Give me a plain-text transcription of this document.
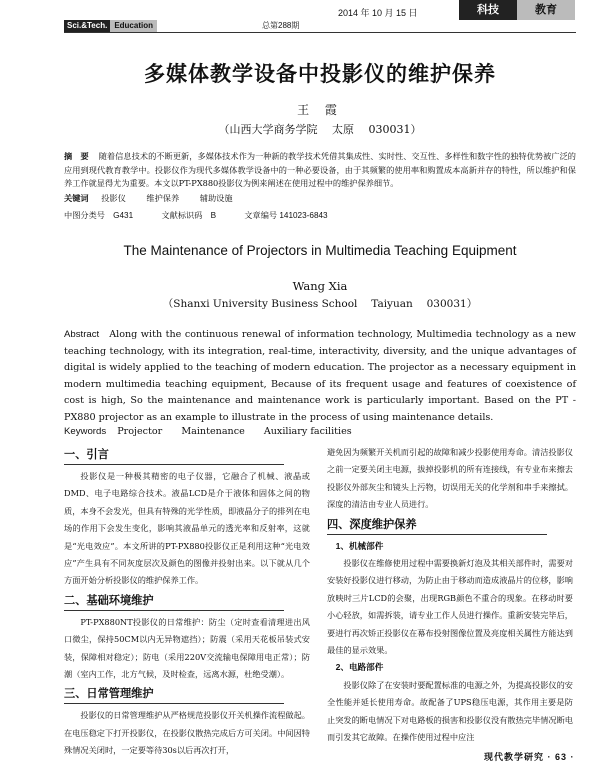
2014 年 10 月 15 日	科技	教育
Sci.&Tech. Education	总第288期
多媒体教学设备中投影仪的维护保养
王 霞
（山西大学商务学院　 太原　 030031）
摘　要 随着信息技术的不断更新，多媒体技术作为一种新的教学技术凭借其集成性、实时性、交互性、多样性和数字性的独特优势被广泛的应用到现代教育教学中。投影仪作为现代多媒体教学设备中的一种必要设备，由于其频繁的使用率和购置成本高新并存的特性，所以维护和保养工作就显得尤为重要。本文以PT-PX880投影仪为例来阐述在使用过程中的维护保养细节。
关键词 投影仪	维护保养	辅助设施
中图分类号　G431	文献标识码　B	文章编号 141023-6843
The Maintenance of Projectors in Multimedia Teaching Equipment
Wang Xia
（Shanxi University Business School　 Taiyuan　 030031）
Abstract Along with the continuous renewal of information technology, Multimedia technology as a new teaching technology, with its integration, real-time, interactivity, diversity, and the unique advantages of digital is widely applied to the teaching of modern education. The projector as a necessary equipment in modern multimedia teaching equipment, Because of its frequent usage and features of coexistence of cost is high, So the maintenance and maintenance work is particularly important. Based on the PT -PX880 projector as an example to illustrate in the process of using maintenance details.
Keywords Projector Maintenance Auxiliary facilities
一、引言

投影仪是一种极其精密的电子仪器，它融合了机械、液晶或DMD、电子电路综合技术。液晶LCD是介于液体和固体之间的物质，本身不会发光，但具有特殊的光学性质，即液晶分子的排列在电场的作用下会发生变化，影响其液晶单元的透光率和反射率，这就是“光电效应”。本文所讲的PT-PX880投影仪正是利用这种“光电效应”产生具有不同灰度层次及颜色的图像并投射出来。以下就从几个方面开始分析投影仪的维护保养工作。

二、基础环境维护

PT-PX880NT投影仪的日常维护：防尘（定时查看清理进出风口微尘，保持50CM以内无异物遮挡）；防震（采用天花板吊装式安装，保障相对稳定）；防电（采用220V交流输电保障用电正常）；防潮（室内工作，北方气候，及时检查，远离水源，杜绝受潮）。

三、日常管理维护

投影仪的日常管理维护从严格规范投影仪开关机操作流程做起。在电压稳定下打开投影仪，在投影仪散热完成后方可关闭。中间因特殊情况关闭时，一定要等待30s以后再次打开，

避免因为频繁开关机而引起的故障和减少投影使用寿命。清洁投影仪之前一定要关闭主电源，拔掉投影机的所有连接线，有专业布来擦去投影仪外部灰尘和镜头上污物，切误用无关的化学剂和串手来擦拭。深度的清洁由专业人员进行。

四、深度维护保养
1、机械部件

投影仪在维修使用过程中需要换新灯泡及其相关部件时，需要对安装好投影仪进行移动，为防止由于移动而造成液晶片的位移，影响放映时三片LCD的会聚，出现RGB颜色不重合的现象。在移动时要小心轻放，如需拆装，请专业工作人员进行操作。重新安装完毕后，要进行再次矫正投影仪在幕布投射图像位置及亮度相关属性方能达到最佳的显示效果。

2、电路部件

投影仪除了在安装时要配置标准的电源之外，为提高投影仪的安全性能并延长使用寿命。故配备了UPS稳压电源，其作用主要是防止突发的断电情况下对电路板的损害和投影仪没有散热完毕情况断电而引发其它故障。在操作使用过程中应注

现代教学研究 · 63 ·
